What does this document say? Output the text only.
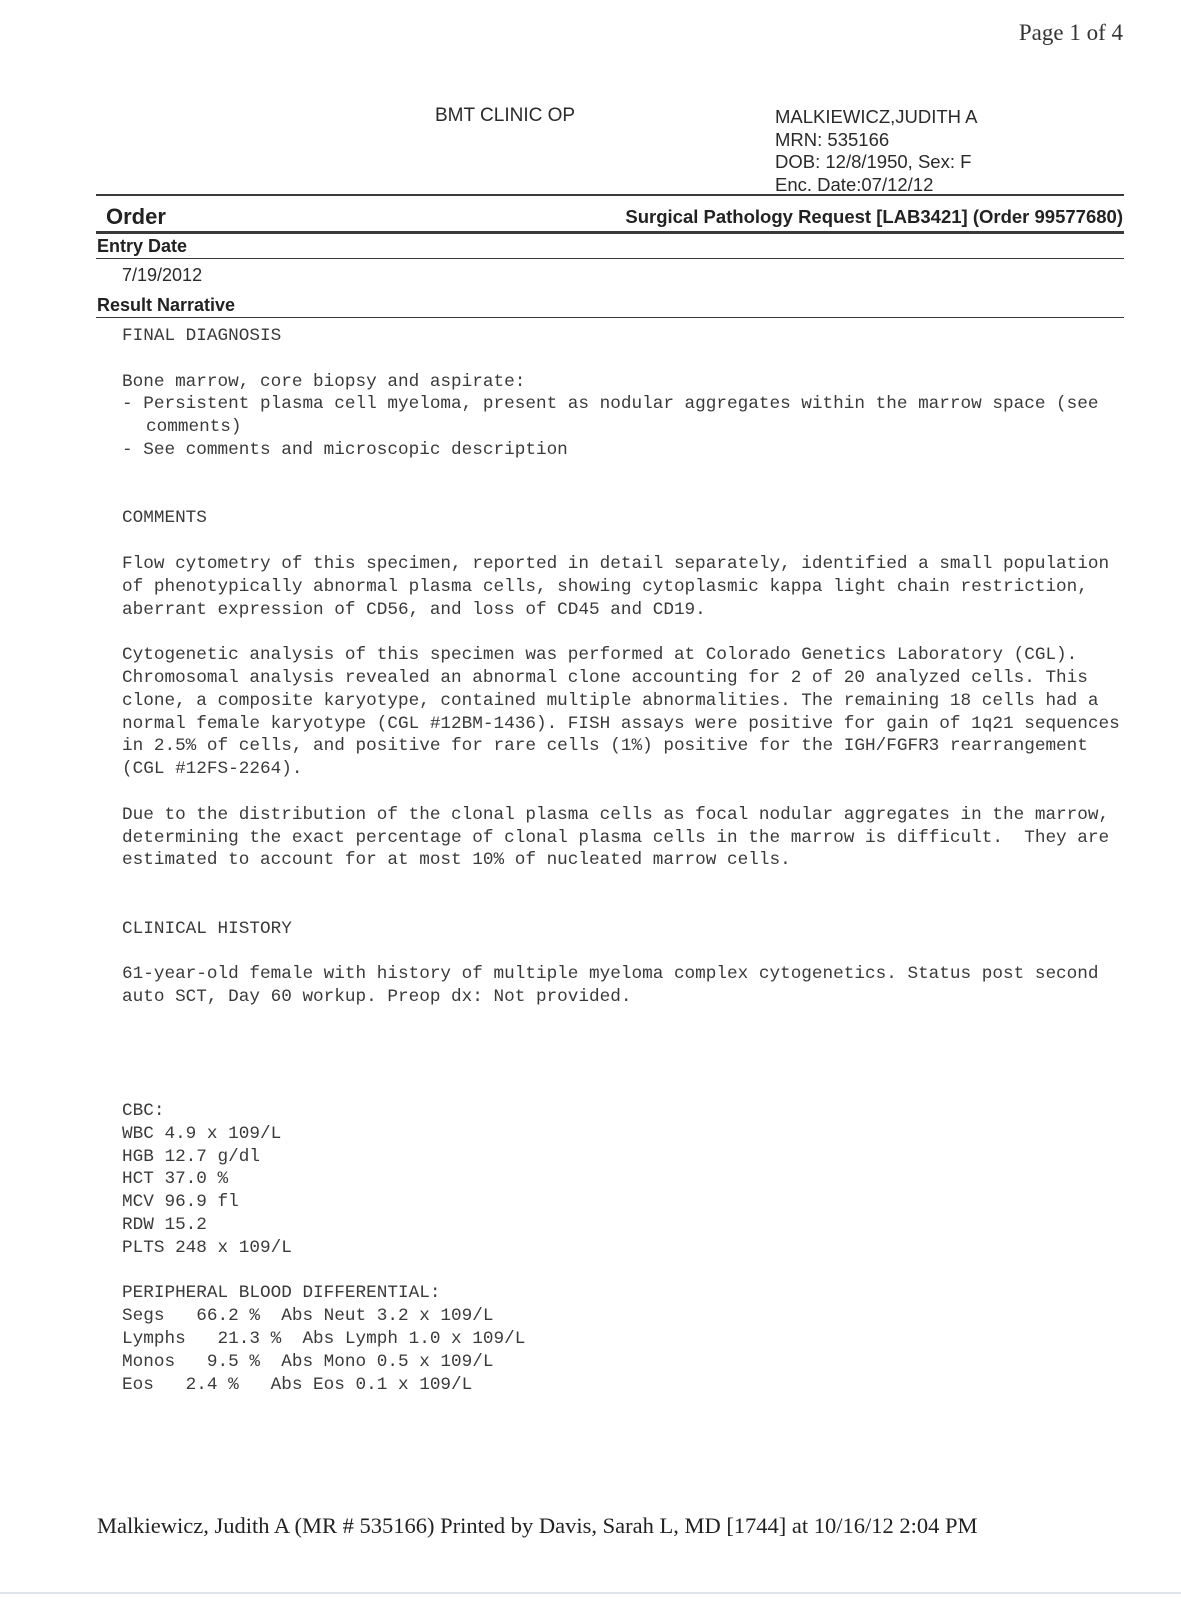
Page 1 of 4
BMT CLINIC OP	MALKIEWICZ,JUDITH A
MRN: 535166
DOB: 12/8/1950, Sex: F
Enc. Date:07/12/12
Order	Surgical Pathology Request [LAB3421] (Order 99577680)
Entry Date
7/19/2012
Result Narrative

FINAL DIAGNOSIS

Bone marrow, core biopsy and aspirate:

- Persistent plasma cell myeloma, present as nodular aggregates within the marrow space (see

comments)

- See comments and microscopic description

COMMENTS

Flow cytometry of this specimen, reported in detail separately, identified a small population of phenotypically abnormal plasma cells, showing cytoplasmic kappa light chain restriction, aberrant expression of CD56, and loss of CD45 and CD19.

Cytogenetic analysis of this specimen was performed at Colorado Genetics Laboratory (CGL). Chromosomal analysis revealed an abnormal clone accounting for 2 of 20 analyzed cells. This clone, a composite karyotype, contained multiple abnormalities. The remaining 18 cells had a normal female karyotype (CGL #12BM-1436). FISH assays were positive for gain of 1q21 sequences in 2.5% of cells, and positive for rare cells (1%) positive for the IGH/FGFR3 rearrangement (CGL #12FS-2264).

Due to the distribution of the clonal plasma cells as focal nodular aggregates in the marrow, determining the exact percentage of clonal plasma cells in the marrow is difficult.  They are estimated to account for at most 10% of nucleated marrow cells.

CLINICAL HISTORY

61-year-old female with history of multiple myeloma complex cytogenetics. Status post second auto SCT, Day 60 workup. Preop dx: Not provided.

CBC:

WBC 4.9 x 109/L

HGB 12.7 g/dl

HCT 37.0 %

MCV 96.9 fl

RDW 15.2

PLTS 248 x 109/L

PERIPHERAL BLOOD DIFFERENTIAL:

Segs   66.2 %  Abs Neut 3.2 x 109/L

Lymphs   21.3 %  Abs Lymph 1.0 x 109/L

Monos   9.5 %  Abs Mono 0.5 x 109/L

Eos   2.4 %   Abs Eos 0.1 x 109/L

Malkiewicz, Judith A (MR # 535166) Printed by Davis, Sarah L, MD [1744] at 10/16/12 2:04 PM
